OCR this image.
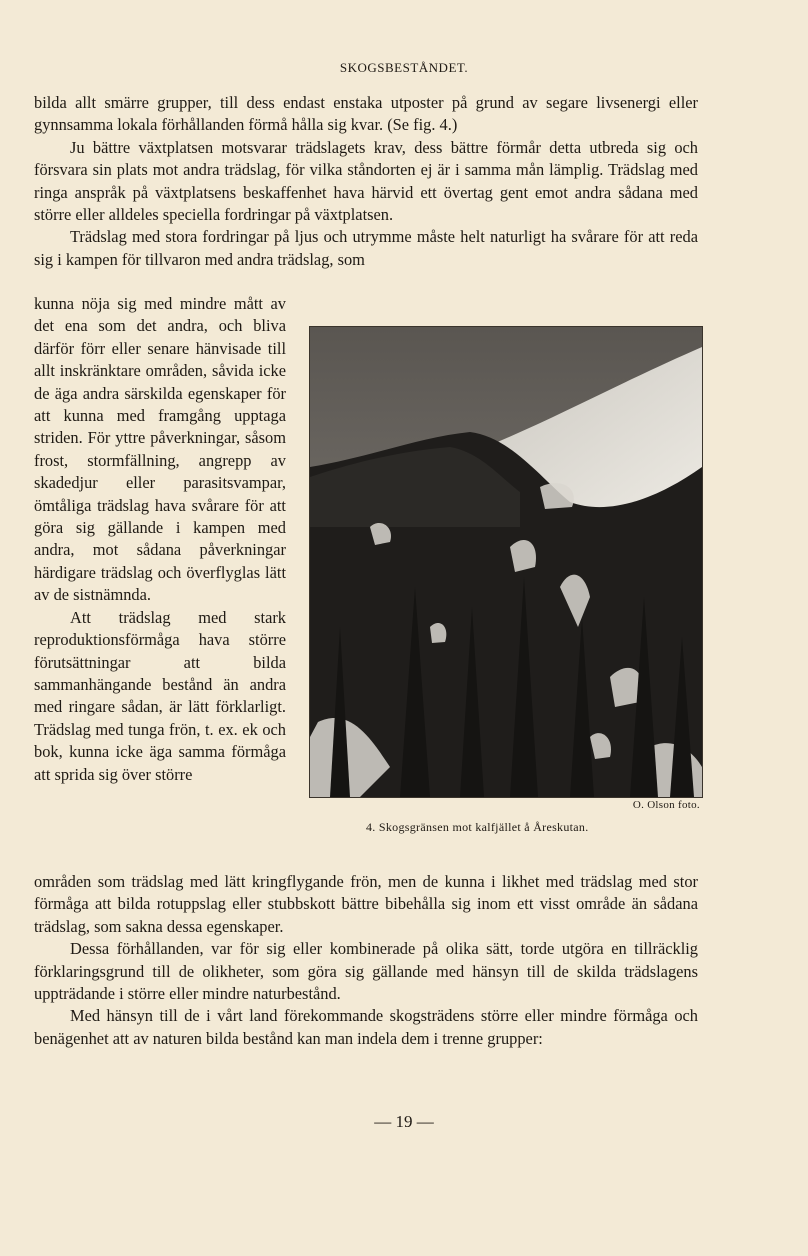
SKOGSBESTÅNDET.

bilda allt smärre grupper, till dess endast enstaka utposter på grund av segare livsenergi eller gynnsamma lokala förhållanden förmå hålla sig kvar. (Se fig. 4.)

Ju bättre växtplatsen motsvarar trädslagets krav, dess bättre förmår detta utbreda sig och försvara sin plats mot andra trädslag, för vilka ståndorten ej är i samma mån lämplig. Trädslag med ringa anspråk på växtplatsens beskaffenhet hava härvid ett övertag gent emot andra sådana med större eller alldeles speciella fordringar på växtplatsen.

Trädslag med stora fordringar på ljus och utrymme måste helt naturligt ha svårare för att reda sig i kampen för tillvaron med andra trädslag, som

kunna nöja sig med mindre mått av det ena som det andra, och bliva därför förr eller senare hänvisade till allt inskränktare områden, såvida icke de äga andra särskilda egenskaper för att kunna med framgång upptaga striden. För yttre påverkningar, såsom frost, stormfällning, angrepp av skadedjur eller parasitsvampar, ömtåliga trädslag hava svårare för att göra sig gällande i kampen med andra, mot sådana påverkningar härdigare trädslag och överflyglas lätt av de sistnämnda.

Att trädslag med stark reproduktionsförmåga hava större förutsättningar att bilda sammanhängande bestånd än andra med ringare sådan, är lätt förklarligt. Trädslag med tunga frön, t. ex. ek och bok, kunna icke äga samma förmåga att sprida sig över större

O. Olson foto.
4. Skogsgränsen mot kalfjället å Åreskutan.

områden som trädslag med lätt kringflygande frön, men de kunna i likhet med trädslag med stor förmåga att bilda rotuppslag eller stubbskott bättre bibehålla sig inom ett visst område än sådana trädslag, som sakna dessa egenskaper.

Dessa förhållanden, var för sig eller kombinerade på olika sätt, torde utgöra en tillräcklig förklaringsgrund till de olikheter, som göra sig gällande med hänsyn till de skilda trädslagens uppträdande i större eller mindre naturbestånd.

Med hänsyn till de i vårt land förekommande skogsträdens större eller mindre förmåga och benägenhet att av naturen bilda bestånd kan man indela dem i trenne grupper:

— 19 —
